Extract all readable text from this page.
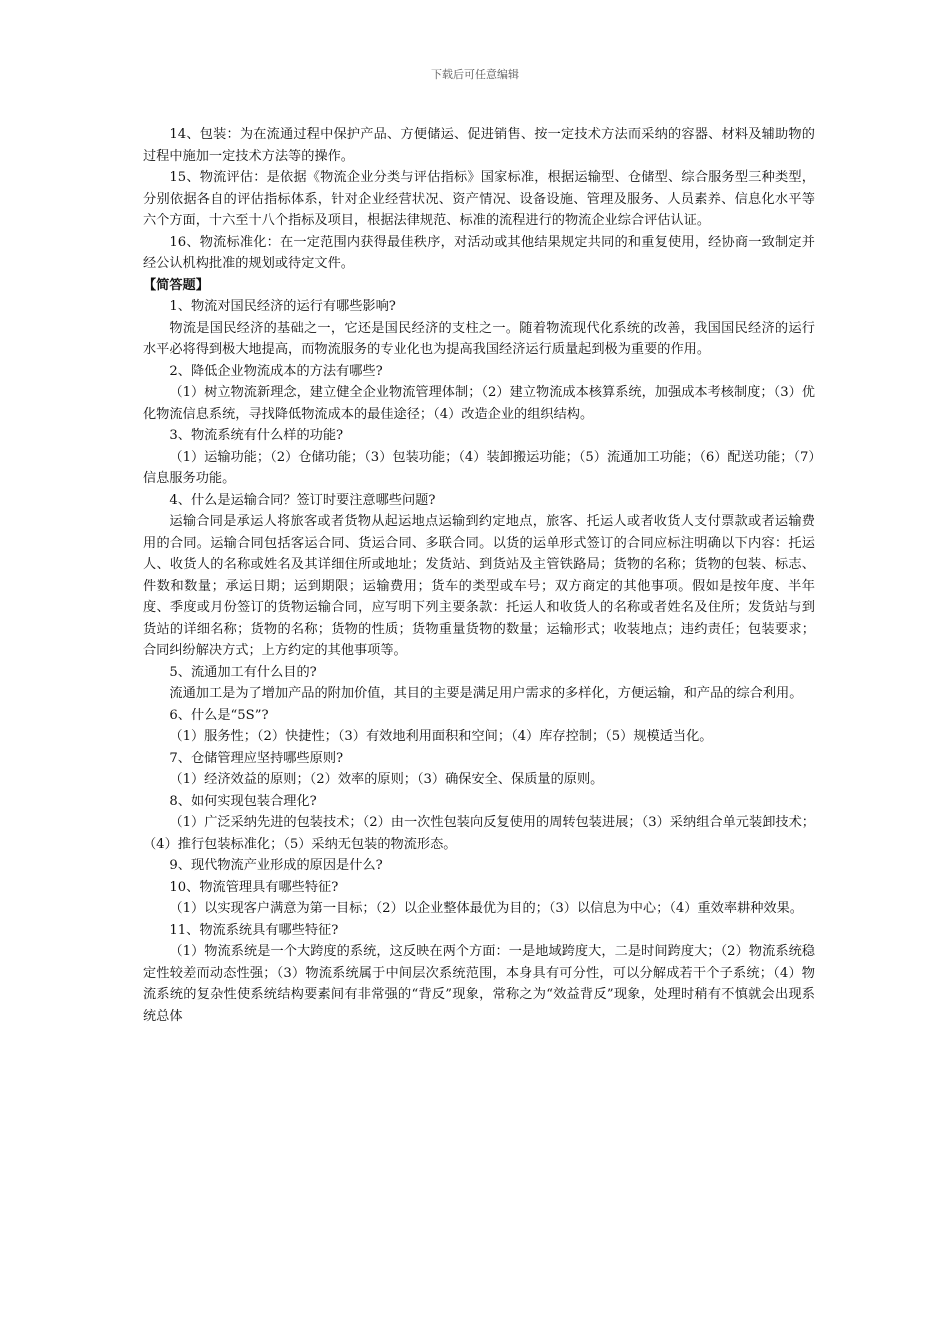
下载后可任意编辑

14、包装：为在流通过程中保护产品、方便储运、促进销售、按一定技术方法而采纳的容器、材料及辅助物的过程中施加一定技术方法等的操作。

15、物流评估：是依据《物流企业分类与评估指标》国家标准，根据运输型、仓储型、综合服务型三种类型，分别依据各自的评估指标体系，针对企业经营状况、资产情况、设备设施、管理及服务、人员素养、信息化水平等六个方面，十六至十八个指标及项目，根据法律规范、标准的流程进行的物流企业综合评估认证。

16、物流标准化：在一定范围内获得最佳秩序，对活动或其他结果规定共同的和重复使用，经协商一致制定并经公认机构批准的规划或待定文件。

【简答题】

1、物流对国民经济的运行有哪些影响?

物流是国民经济的基础之一，它还是国民经济的支柱之一。随着物流现代化系统的改善，我国国民经济的运行水平必将得到极大地提高，而物流服务的专业化也为提高我国经济运行质量起到极为重要的作用。

2、降低企业物流成本的方法有哪些?

（1）树立物流新理念，建立健全企业物流管理体制；（2）建立物流成本核算系统，加强成本考核制度；（3）优化物流信息系统，寻找降低物流成本的最佳途径；（4）改造企业的组织结构。

3、物流系统有什么样的功能?

（1）运输功能；（2）仓储功能；（3）包装功能；（4）装卸搬运功能；（5）流通加工功能；（6）配送功能；（7）信息服务功能。

4、什么是运输合同？签订时要注意哪些问题?

运输合同是承运人将旅客或者货物从起运地点运输到约定地点，旅客、托运人或者收货人支付票款或者运输费用的合同。运输合同包括客运合同、货运合同、多联合同。以货的运单形式签订的合同应标注明确以下内容：托运人、收货人的名称或姓名及其详细住所或地址；发货站、到货站及主管铁路局；货物的名称；货物的包装、标志、件数和数量；承运日期；运到期限；运输费用；货车的类型或车号；双方商定的其他事项。假如是按年度、半年度、季度或月份签订的货物运输合同，应写明下列主要条款：托运人和收货人的名称或者姓名及住所；发货站与到货站的详细名称；货物的名称；货物的性质；货物重量货物的数量；运输形式；收装地点；违约责任；包装要求；合同纠纷解决方式；上方约定的其他事项等。

5、流通加工有什么目的?

流通加工是为了增加产品的附加价值，其目的主要是满足用户需求的多样化，方便运输，和产品的综合利用。

6、什么是“5S”?

（1）服务性；（2）快捷性；（3）有效地利用面积和空间；（4）库存控制；（5）规模适当化。

7、仓储管理应坚持哪些原则?

（1）经济效益的原则；（2）效率的原则；（3）确保安全、保质量的原则。

8、如何实现包装合理化?

（1）广泛采纳先进的包装技术；（2）由一次性包装向反复使用的周转包装进展；（3）采纳组合单元装卸技术；（4）推行包装标准化；（5）采纳无包装的物流形态。

9、现代物流产业形成的原因是什么?

10、物流管理具有哪些特征?

（1）以实现客户满意为第一目标；（2）以企业整体最优为目的；（3）以信息为中心；（4）重效率耕种效果。

11、物流系统具有哪些特征?

（1）物流系统是一个大跨度的系统，这反映在两个方面：一是地域跨度大，二是时间跨度大；（2）物流系统稳定性较差而动态性强；（3）物流系统属于中间层次系统范围，本身具有可分性，可以分解成若干个子系统；（4）物流系统的复杂性使系统结构要素间有非常强的“背反”现象，常称之为“效益背反”现象，处理时稍有不慎就会出现系统总体
